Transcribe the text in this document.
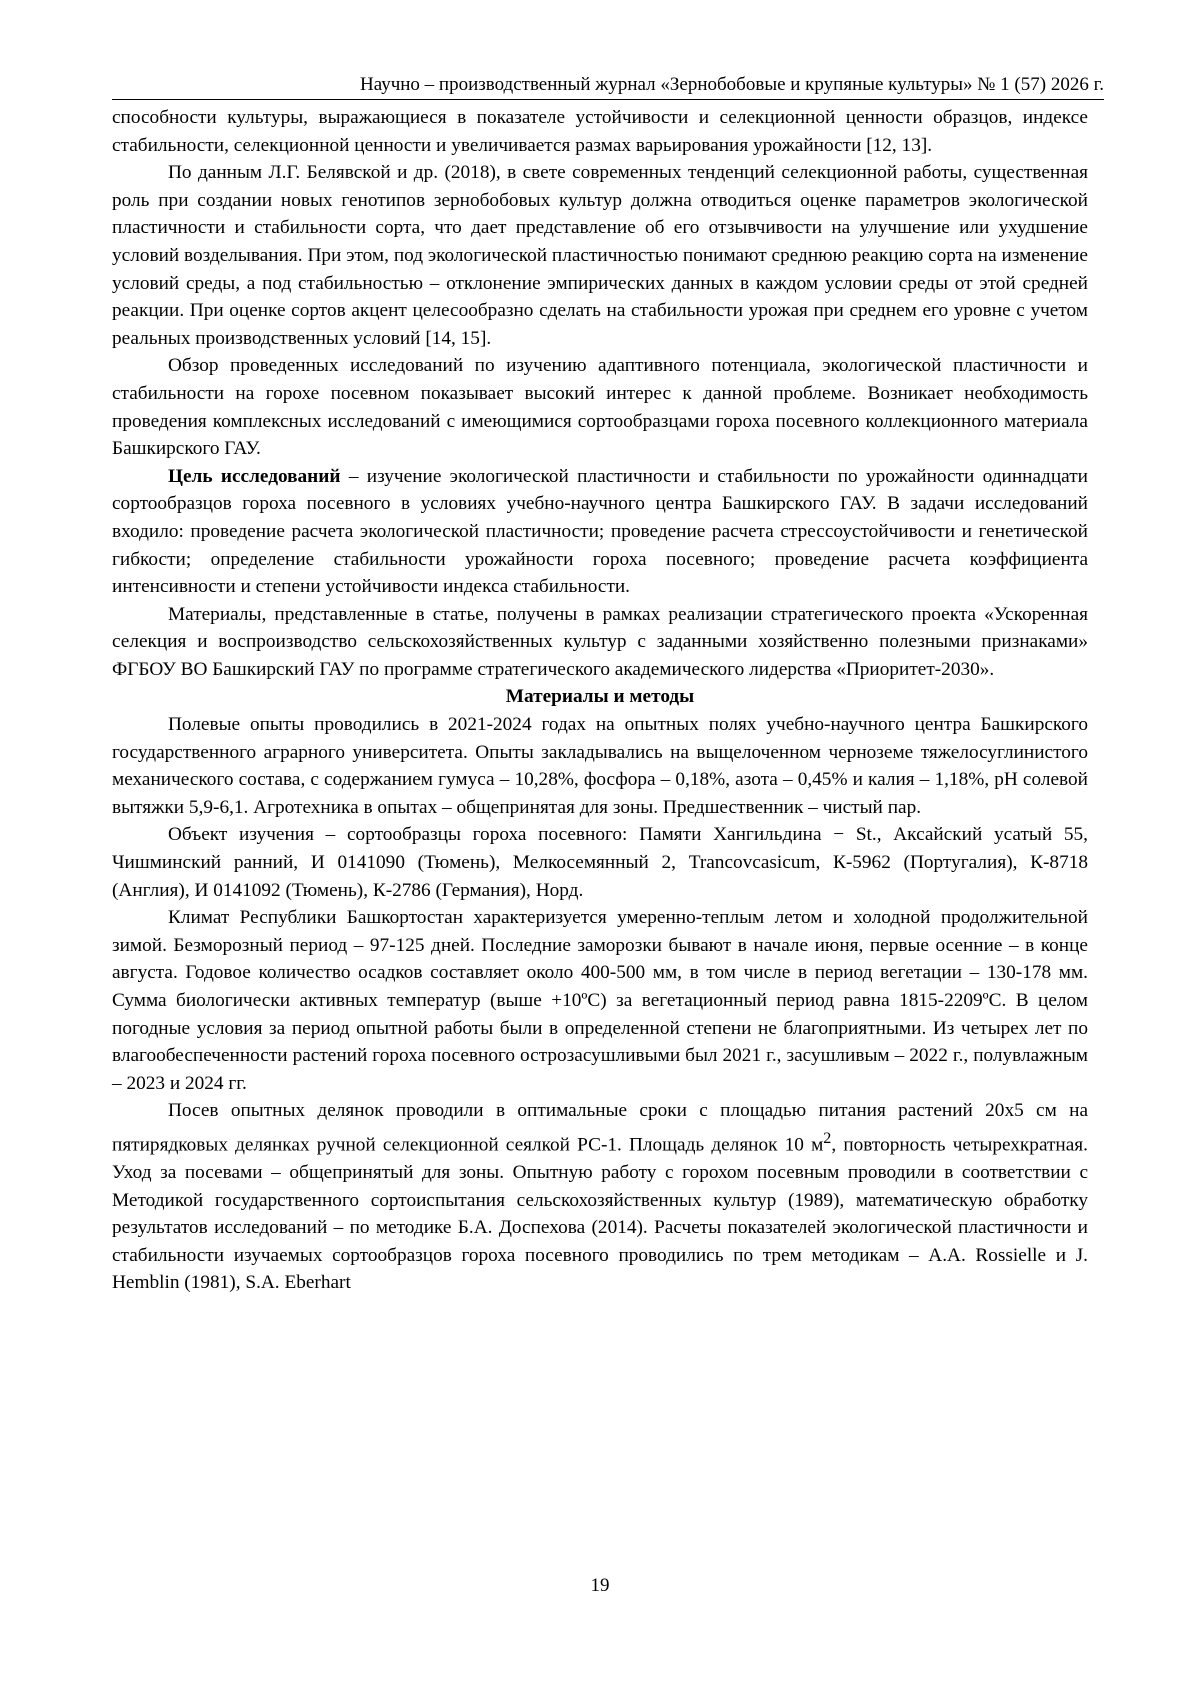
Научно – производственный журнал «Зернобобовые и крупяные культуры» № 1 (57) 2026 г.

способности культуры, выражающиеся в показателе устойчивости и селекционной ценности образцов, индексе стабильности, селекционной ценности и увеличивается размах варьирования урожайности [12, 13].

По данным Л.Г. Белявской и др. (2018), в свете современных тенденций селекционной работы, существенная роль при создании новых генотипов зернобобовых культур должна отводиться оценке параметров экологической пластичности и стабильности сорта, что дает представление об его отзывчивости на улучшение или ухудшение условий возделывания. При этом, под экологической пластичностью понимают среднюю реакцию сорта на изменение условий среды, а под стабильностью – отклонение эмпирических данных в каждом условии среды от этой средней реакции. При оценке сортов акцент целесообразно сделать на стабильности урожая при среднем его уровне с учетом реальных производственных условий [14, 15].

Обзор проведенных исследований по изучению адаптивного потенциала, экологической пластичности и стабильности на горохе посевном показывает высокий интерес к данной проблеме. Возникает необходимость проведения комплексных исследований с имеющимися сортообразцами гороха посевного коллекционного материала Башкирского ГАУ.

Цель исследований – изучение экологической пластичности и стабильности по урожайности одиннадцати сортообразцов гороха посевного в условиях учебно-научного центра Башкирского ГАУ. В задачи исследований входило: проведение расчета экологической пластичности; проведение расчета стрессоустойчивости и генетической гибкости; определение стабильности урожайности гороха посевного; проведение расчета коэффициента интенсивности и степени устойчивости индекса стабильности.

Материалы, представленные в статье, получены в рамках реализации стратегического проекта «Ускоренная селекция и воспроизводство сельскохозяйственных культур с заданными хозяйственно полезными признаками» ФГБОУ ВО Башкирский ГАУ по программе стратегического академического лидерства «Приоритет-2030».

Материалы и методы

Полевые опыты проводились в 2021-2024 годах на опытных полях учебно-научного центра Башкирского государственного аграрного университета. Опыты закладывались на выщелоченном черноземе тяжелосуглинистого механического состава, с содержанием гумуса – 10,28%, фосфора – 0,18%, азота – 0,45% и калия – 1,18%, pH солевой вытяжки 5,9-6,1. Агротехника в опытах – общепринятая для зоны. Предшественник – чистый пар.

Объект изучения – сортообразцы гороха посевного: Памяти Хангильдина − St., Аксайский усатый 55, Чишминский ранний, И 0141090 (Тюмень), Мелкосемянный 2, Trancovcasicum, К-5962 (Португалия), К-8718 (Англия), И 0141092 (Тюмень), К-2786 (Германия), Норд.

Климат Республики Башкортостан характеризуется умеренно-теплым летом и холодной продолжительной зимой. Безморозный период – 97-125 дней. Последние заморозки бывают в начале июня, первые осенние – в конце августа. Годовое количество осадков составляет около 400-500 мм, в том числе в период вегетации – 130-178 мм. Сумма биологически активных температур (выше +10ºС) за вегетационный период равна 1815-2209ºС. В целом погодные условия за период опытной работы были в определенной степени не благоприятными. Из четырех лет по влагообеспеченности растений гороха посевного острозасушливыми был 2021 г., засушливым – 2022 г., полувлажным – 2023 и 2024 гг.

Посев опытных делянок проводили в оптимальные сроки с площадью питания растений 20х5 см на пятирядковых делянках ручной селекционной сеялкой РС-1. Площадь делянок 10 $м^2$, повторность четырехкратная. Уход за посевами – общепринятый для зоны. Опытную работу с горохом посевным проводили в соответствии с Методикой государственного сортоиспытания сельскохозяйственных культур (1989), математическую обработку результатов исследований – по методике Б.А. Доспехова (2014). Расчеты показателей экологической пластичности и стабильности изучаемых сортообразцов гороха посевного проводились по трем методикам – A.A. Rossielle и J. Hemblin (1981), S.A. Eberhart

19
